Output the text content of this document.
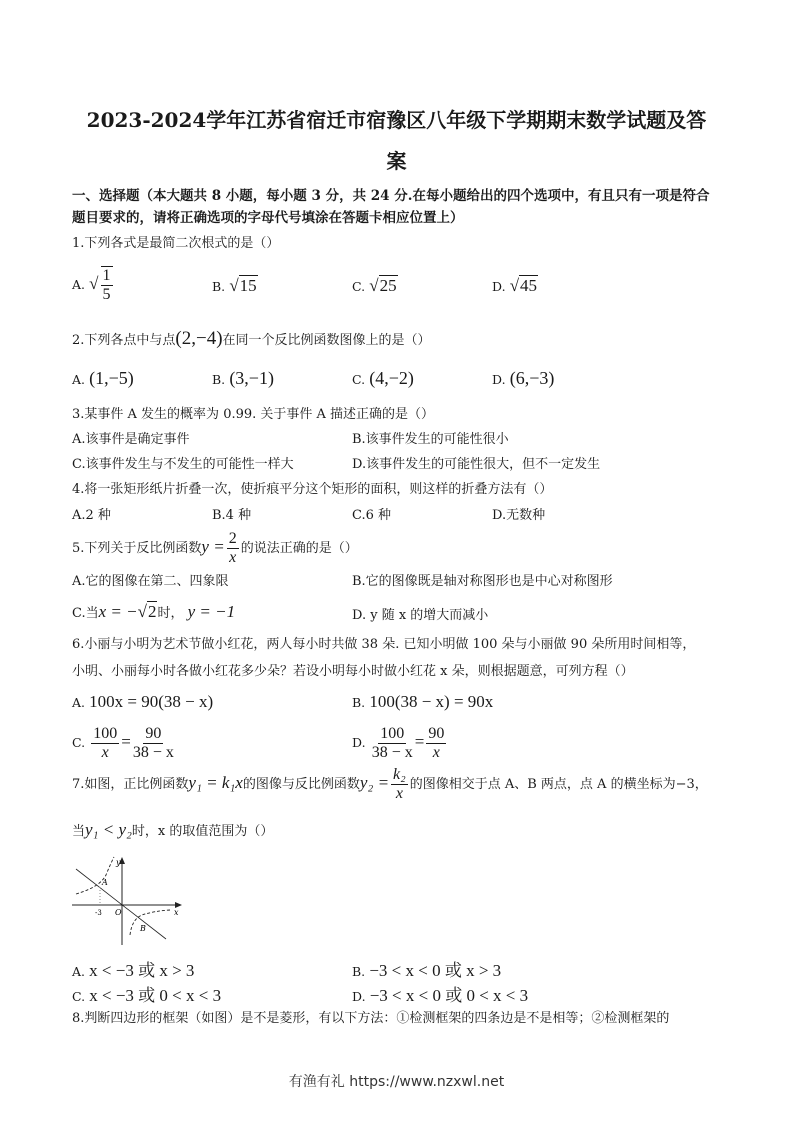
2023-2024学年江苏省宿迁市宿豫区八年级下学期期末数学试题及答
案
一、选择题（本大题共 8 小题，每小题 3 分，共 24 分.在每小题给出的四个选项中，有且只有一项是符合
题目要求的，请将正确选项的字母代号填涂在答题卡相应位置上）
1.下列各式是最简二次根式的是（）
A. √ $\frac{1}{5}$	B. √15	C. √25	D. √45
2.下列各点中与点(2,−4)在同一个反比例函数图像上的是（）
A. (1,−5)	B. (3,−1)	C. (4,−2)	D. (6,−3)
3.某事件 A 发生的概率为 0.99. 关于事件 A 描述正确的是（）
A.该事件是确定事件	B.该事件发生的可能性很小
C.该事件发生与不发生的可能性一样大	D.该事件发生的可能性很大，但不一定发生
4.将一张矩形纸片折叠一次，使折痕平分这个矩形的面积，则这样的折叠方法有（）
A.2 种	B.4 种	C.6 种	D.无数种
5.下列关于反比例函数$y = \frac{2}{x}$ 的说法正确的是（）
A.它的图像在第二、四象限	B.它的图像既是轴对称图形也是中心对称图形
C.当x = −√2时， y = −1	D. y 随 x 的增大而减小
6.小丽与小明为艺术节做小红花，两人每小时共做 38 朵. 已知小明做 100 朵与小丽做 90 朵所用时间相等，
小明、小丽每小时各做小红花多少朵？若设小明每小时做小红花 x 朵，则根据题意，可列方程（）
A. 100x = 90(38 − x)	B. 100(38 − x) = 90x
C. $\frac{100}{x} = \frac{90}{38 - x}$	D. $\frac{100}{38 - x} = \frac{90}{x}$
7.如图，正比例函数y₁ = k₁x的图像与反比例函数$y_2 = \frac{\text{k₂}}{x}$ 的图像相交于点 A、B 两点，点 A 的横坐标为−3，
当y₁ < y₂时，x 的取值范围为（）
y
x
O
-3
A
B
A. x < −3 或 x > 3	B. −3 < x < 0 或 x > 3
C. x < −3 或 0 < x < 3	D. −3 < x < 0 或 0 < x < 3
8.判断四边形的框架（如图）是不是菱形，有以下方法：①检测框架的四条边是不是相等；②检测框架的
有渔有礼 https://www.nzxwl.net
